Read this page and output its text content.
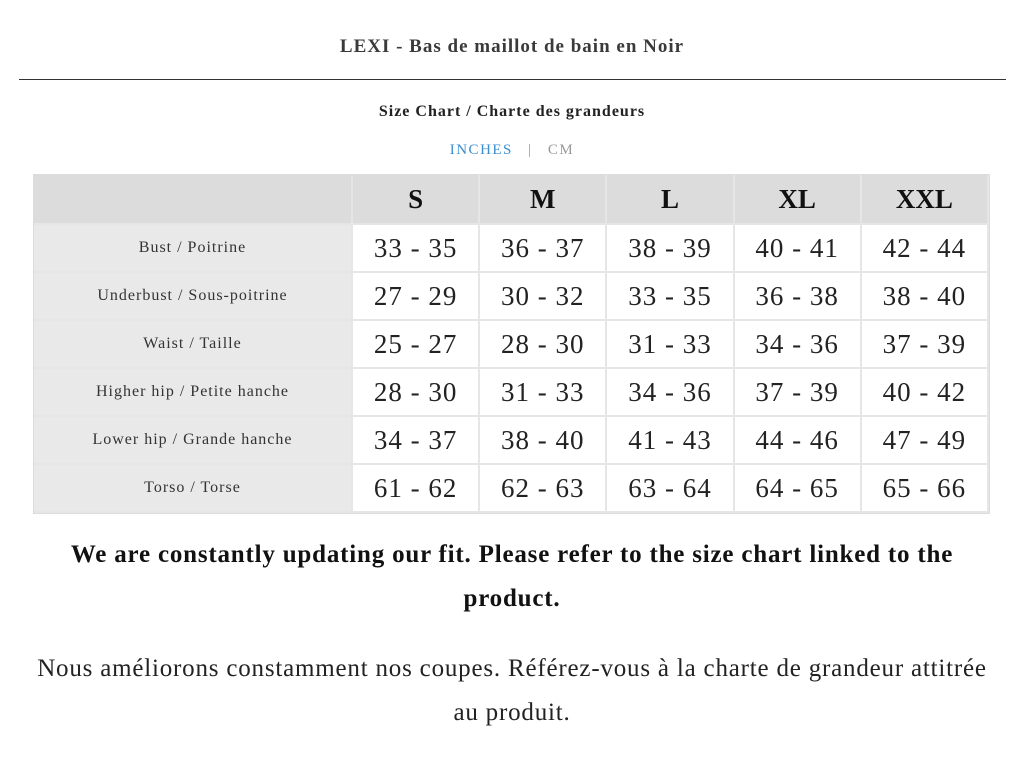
LEXI - Bas de maillot de bain en Noir
Size Chart / Charte des grandeurs
INCHES | CM
	S	M	L	XL	XXL
Bust / Poitrine	33 - 35	36 - 37	38 - 39	40 - 41	42 - 44
Underbust / Sous-poitrine	27 - 29	30 - 32	33 - 35	36 - 38	38 - 40
Waist / Taille	25 - 27	28 - 30	31 - 33	34 - 36	37 - 39
Higher hip / Petite hanche	28 - 30	31 - 33	34 - 36	37 - 39	40 - 42
Lower hip / Grande hanche	34 - 37	38 - 40	41 - 43	44 - 46	47 - 49
Torso / Torse	61 - 62	62 - 63	63 - 64	64 - 65	65 - 66
We are constantly updating our fit. Please refer to the size chart linked to the product.
Nous améliorons constamment nos coupes. Référez-vous à la charte de grandeur attitrée au produit.
